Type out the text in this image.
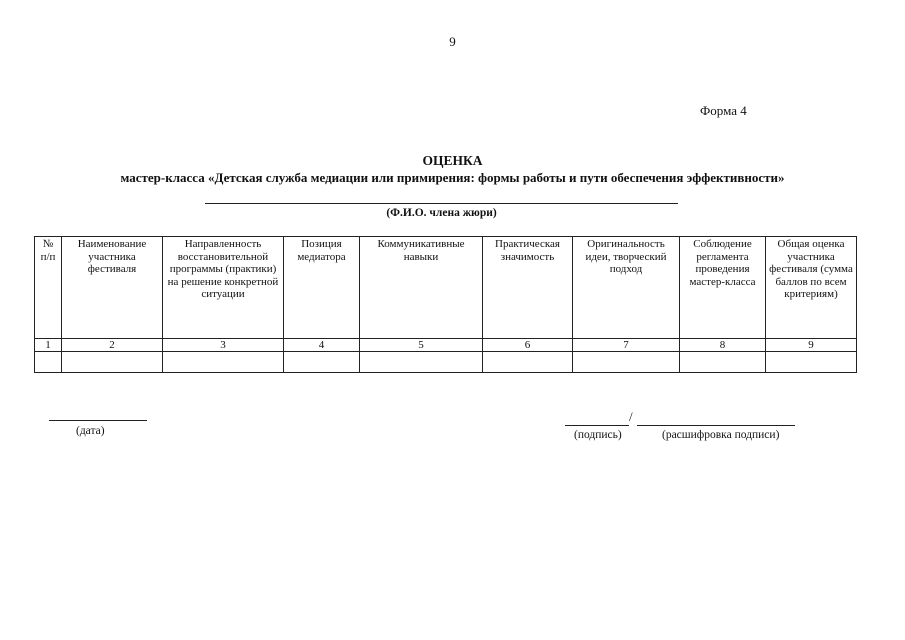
9
Форма 4
ОЦЕНКА
мастер-класса «Детская служба медиации или примирения: формы работы и пути обеспечения эффективности»
(Ф.И.О. члена жюри)
№ п/п	Наименование участника фестиваля	Направленность восстановительной программы (практики) на решение конкретной ситуации	Позиция медиатора	Коммуникативные навыки	Практическая значимость	Оригинальность идеи, творческий подход	Соблюдение регламента проведения мастер-класса	Общая оценка участника фестиваля (сумма баллов по всем критериям)
1	2	3	4	5	6	7	8	9

(дата)
/
(подпись)	(расшифровка подписи)
